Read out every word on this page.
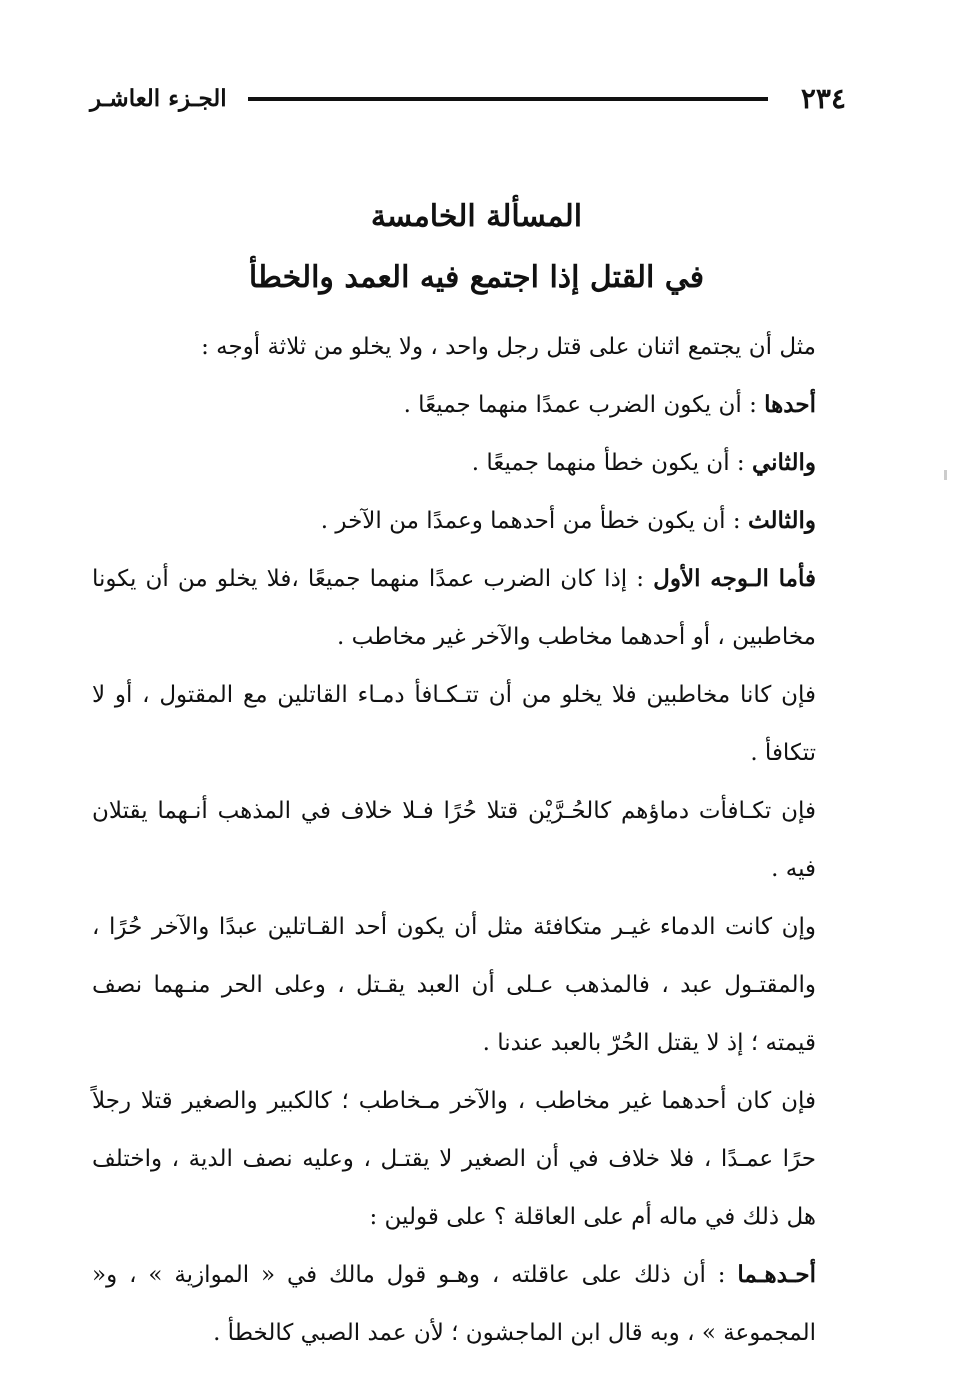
٢٣٤
الجـزء العاشـر
المسألة الخامسة
في القتل إذا اجتمع فيه العمد والخطأ

مثل أن يجتمع اثنان على قتل رجل واحد ، ولا يخلو من ثلاثة أوجه :

أحدها : أن يكون الضرب عمدًا منهما جميعًا .

والثاني : أن يكون خطأ منهما جميعًا .

والثالث : أن يكون خطأ من أحدهما وعمدًا من الآخر .

فأما الـوجه الأول : إذا كان الضرب عمدًا منهما جميعًا ،فلا يخلو من أن يكونا مخاطبين ، أو أحدهما مخاطب والآخر غير مخاطب .

فإن كانا مخاطبين فلا يخلو من أن تتـكـافأ دمـاء القاتلين مع المقتول ، أو لا تتكافأ .

فإن تكـافأت دماؤهم كالحُـرَّيْن قتلا حُرًا فـلا خلاف في المذهب أنـهما يقتلان فيه .

وإن كانت الدماء غيـر متكافئة مثل أن يكون أحد القـاتلين عبدًا والآخر حُرًا ، والمقتـول عبد ، فالمذهب عـلى أن العبد يقـتل ، وعلى الحر منـهما نصف قيمته ؛ إذ لا يقتل الحُرّ بالعبد عندنا .

فإن كان أحدهما غير مخاطب ، والآخر مـخاطب ؛ كالكبير والصغير قتلا رجلاً حرًا عمـدًا ، فلا خلاف في أن الصغير لا يقتـل ، وعليه نصف الدية ، واختلف هل ذلك في ماله أم على العاقلة ؟ على قولين :

أحـدهـما : أن ذلك على عاقلته ، وهـو قول مالك في « الموازية » ، و« المجموعة » ، وبه قال ابن الماجشون ؛ لأن عمد الصبي كالخطأ .
